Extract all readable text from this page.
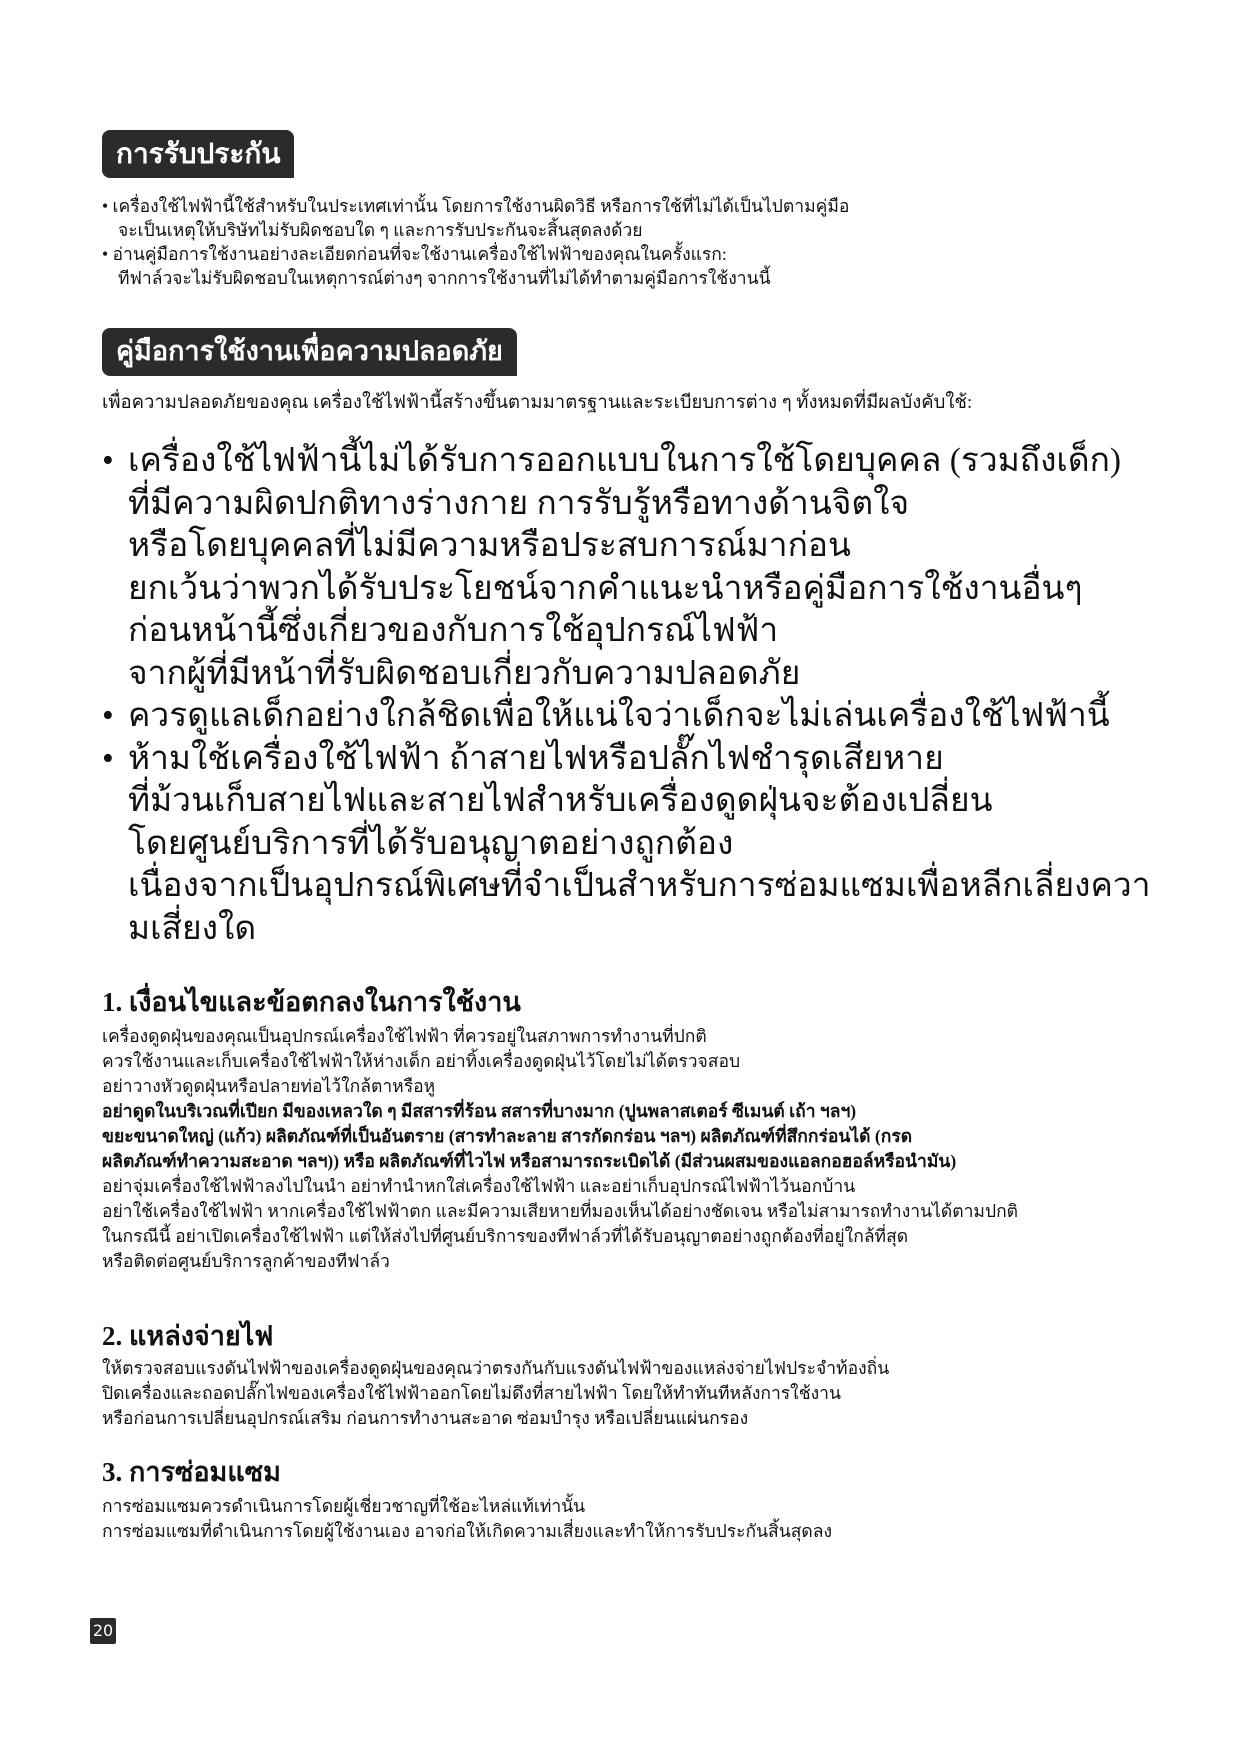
การรับประกัน
• เครื่องใช้ไฟฟ้านี้ใช้สำหรับในประเทศเท่านั้น โดยการใช้งานผิดวิธี หรือการใช้ที่ไม่ได้เป็นไปตามคู่มือ
จะเป็นเหตุให้บริษัทไม่รับผิดชอบใด ๆ และการรับประกันจะสิ้นสุดลงด้วย
• อ่านคู่มือการใช้งานอย่างละเอียดก่อนที่จะใช้งานเครื่องใช้ไฟฟ้าของคุณในครั้งแรก:
ทีฟาล์วจะไม่รับผิดชอบในเหตุการณ์ต่างๆ จากการใช้งานที่ไม่ได้ทำตามคู่มือการใช้งานนี้
คู่มือการใช้งานเพื่อความปลอดภัย
เพื่อความปลอดภัยของคุณ เครื่องใช้ไฟฟ้านี้สร้างขึ้นตามมาตรฐานและระเบียบการต่าง ๆ ทั้งหมดที่มีผลบังคับใช้:
• เครื่องใช้ไฟฟ้านี้ไม่ได้รับการออกแบบในการใช้โดยบุคคล (รวมถึงเด็ก)
ที่มีความผิดปกติทางร่างกาย การรับรู้หรือทางด้านจิตใจ
หรือโดยบุคคลที่ไม่มีความหรือประสบการณ์มาก่อน
ยกเว้นว่าพวกได้รับประโยชน์จากคำแนะนำหรือคู่มือการใช้งานอื่นๆ
ก่อนหน้านี้ซึ่งเกี่ยวของกับการใช้อุปกรณ์ไฟฟ้า
จากผู้ที่มีหน้าที่รับผิดชอบเกี่ยวกับความปลอดภัย
• ควรดูแลเด็กอย่างใกล้ชิดเพื่อให้แน่ใจว่าเด็กจะไม่เล่นเครื่องใช้ไฟฟ้านี้
• ห้ามใช้เครื่องใช้ไฟฟ้า ถ้าสายไฟหรือปลั๊กไฟชำรุดเสียหาย
ที่ม้วนเก็บสายไฟและสายไฟสำหรับเครื่องดูดฝุ่นจะต้องเปลี่ยน
โดยศูนย์บริการที่ได้รับอนุญาตอย่างถูกต้อง
เนื่องจากเป็นอุปกรณ์พิเศษที่จำเป็นสำหรับการซ่อมแซมเพื่อหลีกเลี่ยงควา
มเสี่ยงใด
1. เงื่อนไขและข้อตกลงในการใช้งาน
เครื่องดูดฝุ่นของคุณเป็นอุปกรณ์เครื่องใช้ไฟฟ้า ที่ควรอยู่ในสภาพการทำงานที่ปกติ
ควรใช้งานและเก็บเครื่องใช้ไฟฟ้าให้ห่างเด็ก อย่าทิ้งเครื่องดูดฝุ่นไว้โดยไม่ได้ตรวจสอบ
อย่าวางหัวดูดฝุ่นหรือปลายท่อไว้ใกล้ตาหรือหู
อย่าดูดในบริเวณที่เปียก มีของเหลวใด ๆ มีสสารที่ร้อน สสารที่บางมาก (ปูนพลาสเตอร์ ซีเมนต์ เถ้า ฯลฯ)
ขยะขนาดใหญ่ (แก้ว) ผลิตภัณฑ์ที่เป็นอันตราย (สารทำละลาย สารกัดกร่อน ฯลฯ) ผลิตภัณฑ์ที่สึกกร่อนได้ (กรด
ผลิตภัณฑ์ทำความสะอาด ฯลฯ)) หรือ ผลิตภัณฑ์ที่ไวไฟ หรือสามารถระเบิดได้ (มีส่วนผสมของแอลกอฮอล์หรือนำมัน)
อย่าจุ่มเครื่องใช้ไฟฟ้าลงไปในนำ อย่าทำนำหกใส่เครื่องใช้ไฟฟ้า และอย่าเก็บอุปกรณ์ไฟฟ้าไว้นอกบ้าน
อย่าใช้เครื่องใช้ไฟฟ้า หากเครื่องใช้ไฟฟ้าตก และมีความเสียหายที่มองเห็นได้อย่างชัดเจน หรือไม่สามารถทำงานได้ตามปกติ
ในกรณีนี้ อย่าเปิดเครื่องใช้ไฟฟ้า แต่ให้ส่งไปที่ศูนย์บริการของทีฟาล์วที่ได้รับอนุญาตอย่างถูกต้องที่อยู่ใกล้ที่สุด
หรือติดต่อศูนย์บริการลูกค้าของทีฟาล์ว
2. แหล่งจ่ายไฟ
ให้ตรวจสอบแรงดันไฟฟ้าของเครื่องดูดฝุ่นของคุณว่าตรงกันกับแรงดันไฟฟ้าของแหล่งจ่ายไฟประจำท้องถิ่น
ปิดเครื่องและถอดปลั๊กไฟของเครื่องใช้ไฟฟ้าออกโดยไม่ดึงที่สายไฟฟ้า โดยให้ทำทันทีหลังการใช้งาน
หรือก่อนการเปลี่ยนอุปกรณ์เสริม ก่อนการทำงานสะอาด ซ่อมบำรุง หรือเปลี่ยนแผ่นกรอง
3. การซ่อมแซม
การซ่อมแซมควรดำเนินการโดยผู้เชี่ยวชาญที่ใช้อะไหล่แท้เท่านั้น
การซ่อมแซมที่ดำเนินการโดยผู้ใช้งานเอง อาจก่อให้เกิดความเสี่ยงและทำให้การรับประกันสิ้นสุดลง
20
